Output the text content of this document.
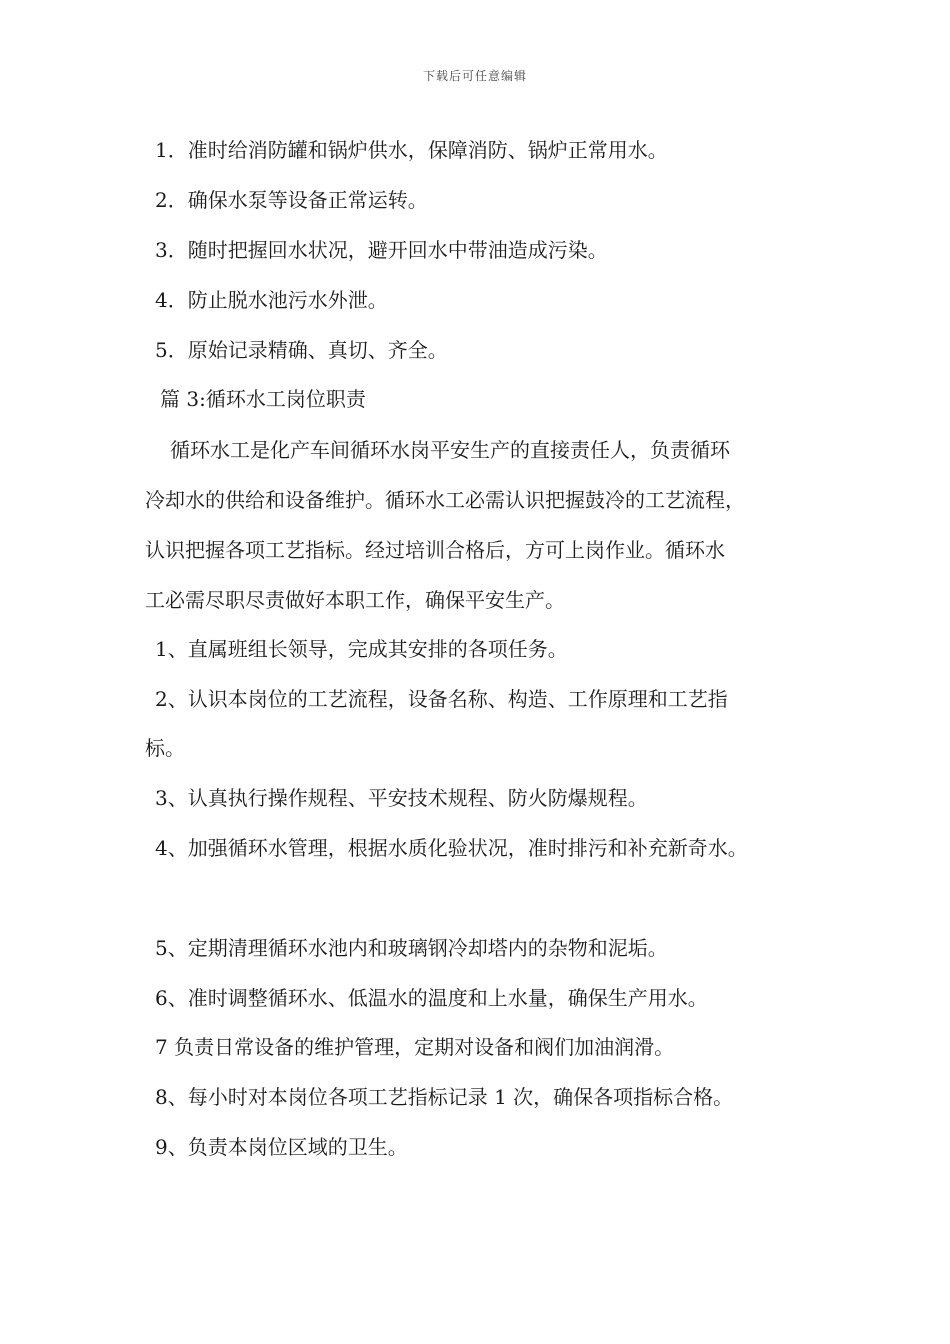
下载后可任意编辑
1．准时给消防罐和锅炉供水，保障消防、锅炉正常用水。
2．确保水泵等设备正常运转。
3．随时把握回水状况，避开回水中带油造成污染。
4．防止脱水池污水外泄。
5．原始记录精确、真切、齐全。
篇 3:循环水工岗位职责
循环水工是化产车间循环水岗平安生产的直接责任人，负责循环
冷却水的供给和设备维护。循环水工必需认识把握鼓冷的工艺流程，
认识把握各项工艺指标。经过培训合格后，方可上岗作业。循环水
工必需尽职尽责做好本职工作，确保平安生产。
1、直属班组长领导，完成其安排的各项任务。
2、认识本岗位的工艺流程，设备名称、构造、工作原理和工艺指
标。
3、认真执行操作规程、平安技术规程、防火防爆规程。
4、加强循环水管理，根据水质化验状况，准时排污和补充新奇水。
5、定期清理循环水池内和玻璃钢冷却塔内的杂物和泥垢。
6、准时调整循环水、低温水的温度和上水量，确保生产用水。
7 负责日常设备的维护管理，定期对设备和阀们加油润滑。
8、每小时对本岗位各项工艺指标记录 1 次，确保各项指标合格。
9、负责本岗位区域的卫生。
